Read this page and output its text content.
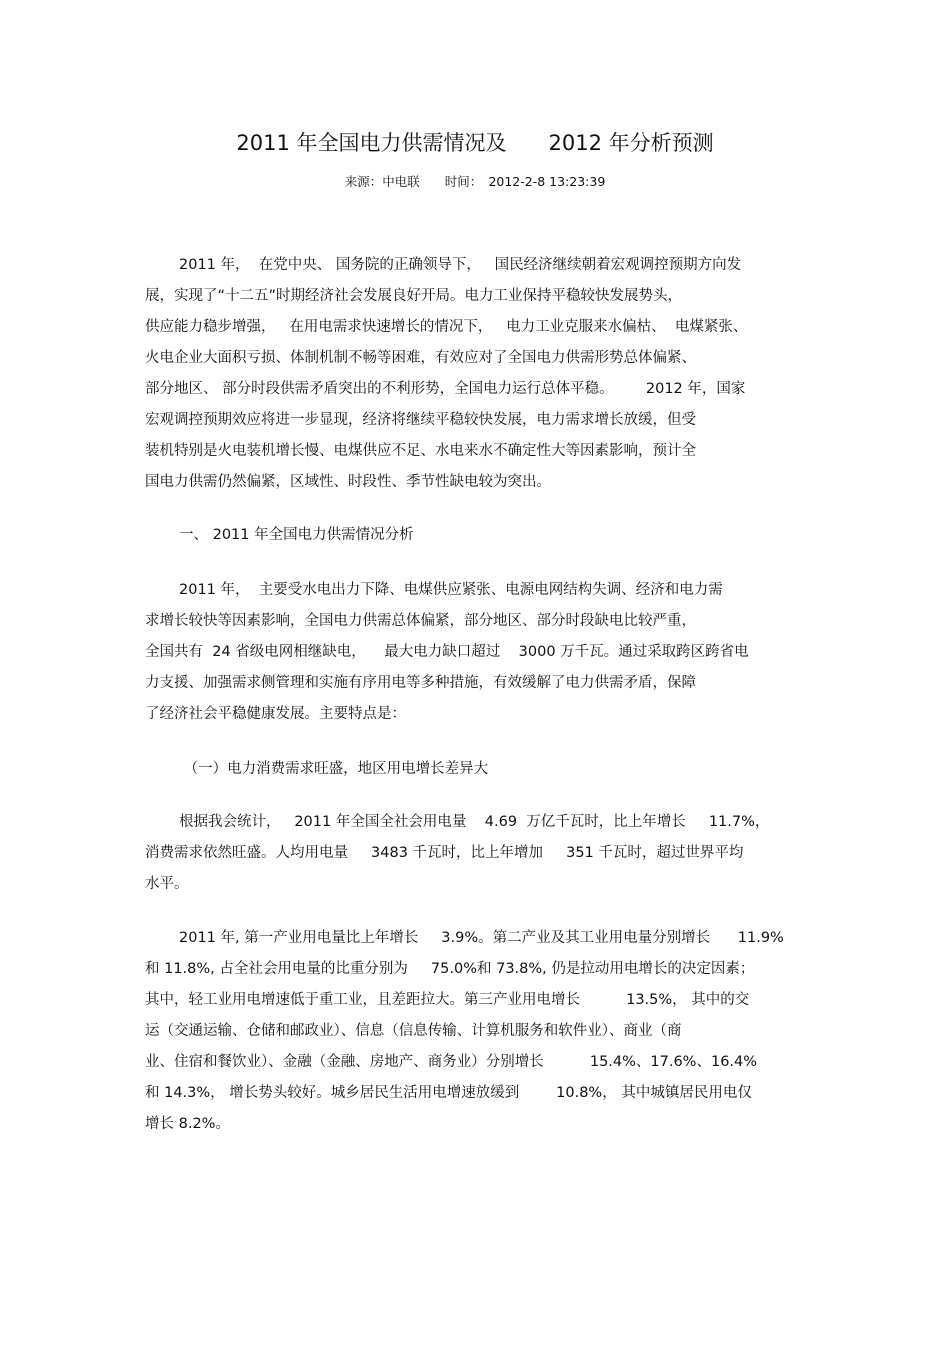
2011 年全国电力供需情况及　　2012 年分析预测
来源：中电联　　时间：　2012-2-8 13:23:39
2011 年，  在党中央、 国务院的正确领导下，   国民经济继续朝着宏观调控预期方向发
展，实现了“十二五”时期经济社会发展良好开局。电力工业保持平稳较快发展势头，
供应能力稳步增强，   在用电需求快速增长的情况下，   电力工业克服来水偏枯、  电煤紧张、
火电企业大面积亏损、体制机制不畅等困难，有效应对了全国电力供需形势总体偏紧、
部分地区、 部分时段供需矛盾突出的不利形势，全国电力运行总体平稳。       2012 年，国家
宏观调控预期效应将进一步显现，经济将继续平稳较快发展，电力需求增长放缓，但受
装机特别是火电装机增长慢、电煤供应不足、水电来水不确定性大等因素影响，预计全
国电力供需仍然偏紧，区域性、时段性、季节性缺电较为突出。
一、 2011 年全国电力供需情况分析
2011 年，  主要受水电出力下降、电煤供应紧张、电源电网结构失调、经济和电力需
求增长较快等因素影响，全国电力供需总体偏紧，部分地区、部分时段缺电比较严重，
全国共有  24 省级电网相继缺电，    最大电力缺口超过    3000 万千瓦。通过采取跨区跨省电
力支援、加强需求侧管理和实施有序用电等多种措施，有效缓解了电力供需矛盾，保障
了经济社会平稳健康发展。主要特点是：
（一）电力消费需求旺盛，地区用电增长差异大
根据我会统计，   2011 年全国全社会用电量    4.69  万亿千瓦时，比上年增长     11.7%，
消费需求依然旺盛。人均用电量     3483 千瓦时，比上年增加     351 千瓦时，超过世界平均
水平。
2011 年, 第一产业用电量比上年增长     3.9%。第二产业及其工业用电量分别增长      11.9%
和 11.8%, 占全社会用电量的比重分别为     75.0%和 73.8%, 仍是拉动用电增长的决定因素；
其中，轻工业用电增速低于重工业，且差距拉大。第三产业用电增长          13.5%， 其中的交
运（交通运输、仓储和邮政业）、信息（信息传输、计算机服务和软件业）、商业（商
业、住宿和餐饮业）、金融（金融、房地产、商务业）分别增长          15.4%、17.6%、16.4%
和 14.3%， 增长势头较好。城乡居民生活用电增速放缓到        10.8%， 其中城镇居民用电仅
增长 8.2%。
